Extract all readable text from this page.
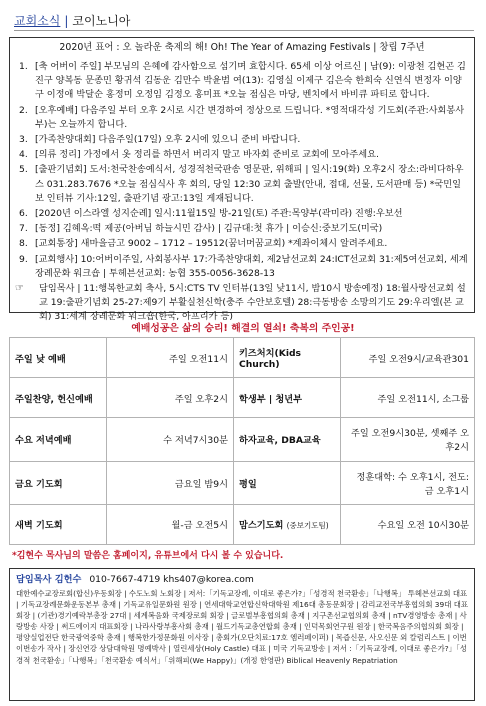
교회소식 | 코이노니아
2020년 표어 : 오 놀라운 축제의 해! Oh! The Year of Amazing Festivals | 창립 7주년
1. [축 어버이 주일] 부모님의 은혜에 감사함으로 섬기며 효합시다. 65세 이상 어르신 | 남(9): 이광천 김현곤 김진구 양복동 문종민 황귀석 김동운 김만수 박윤범 여(13): 김영실 이제구 김은숙 한희숙 신연식 변정자 이양구 이정애 박달순 홍정미 오정임 김정오 홍미표 *오늘 점심은 마당, 벤치에서 바비큐 파티로 합니다.
2. [오후예배] 다음주일 부터 오후 2시로 시간 변경하여 정상으로 드립니다. *영적대각성 기도회(주관:사회봉사부)는 오늘까지 합니다.
3. [가족찬양대회] 다음주일(17일) 오후 2시에 있으니 준비 바랍니다.
4. [의류 정리] 가정에서 옷 정리를 하면서 버리지 말고 바자회 준비로 교회에 모아주세요.
5. [출판기념회] 도서:천국찬송예식서, 성경적천국판송 영문판, 위해피 | 일시:19(화) 오후2시 장소:라비다하우스 031.283.7676 *오늘 점심식사 후 회의, 당일 12:30 교회 출발(안내, 접대, 선물, 도서판매 등) *국민일보 인터뷰 기사:12일, 출판기념 광고:13일 게재됩니다.
6. [2020년 이스라엘 성지순례] 일시:11월15일 방-21일(토) 주관:목양부(곽미라) 진행:우보선
7. [동정] 김혜옥:떡 제공(아버님 하늘시민 감사) | 김규대:첫 휴가 | 이승신:중보기도(미국)
8. [교회통장] 새마을금고 9002 – 1712 – 19512(꿈너머꿈교회) *계좌이체시 알려주세요.
9. [교회행사] 10:어버이주일, 사회봉사부 17:가족찬양대회, 제2남선교회 24:ICT선교회 31:제5여선교회, 세계장례문화 워크숍 | 투헤븐선교회: 농협 355-0056-3628-13
☞ 담임목사 | 11:행복한교회 축사, 5시:CTS TV 인터뷰(13일 낮11시, 밤10시 방송예정) 18:월사랑선교회 설교 19:출판기념회 25-27:제9기 부활실천신학(충주 수안보호텔) 28:극동방송 소망의기도 29:우리엘(본 교회) 31:세계 장례문화 워크숍(한국, 아프리카 등)
예배성공은 삶의 승리! 해결의 열쇠! 축복의 주인공!
주일 낮 예배	주일 오전11시	키즈처치(Kids Church)	주일 오전9시/교육관301
주일찬양, 헌신예배	주일 오후2시	학생부 | 청년부	주일 오전11시, 소그룹
수요 저녁예배	수 저녁7시30분	하자교육, DBA교육	주일 오전9시30분, 셋째주 오후2시
금요 기도회	금요일 밤9시	평일	정훈대학: 수 오후1시, 전도: 금 오후1시
새벽 기도회	월-금 오전5시	맘스기도회 (중보기도팀)	수요일 오전 10시30분
*김현수 목사님의 말씀은 홈페이지, 유튜브에서 다시 볼 수 있습니다.
담임목사 김헌수 010-7667-4719 khs407@korea.com
대한예수교장로회(합신)우동회장 | 수도노회 노회장 | 저서:「기독교장례, 이대로 좋은가?」「성경적 천국환송」「나행복」 투헤븐선교회 대표 | 기독교장례문화운동본부 총재 | 기독교유일문화원 원장 | 연세대학교연합신학대학원 제16대 총동문회장 | 감리교전국부흥협의회 39대 대표회장 | (기관)경기예락부총장 27대 | 세계복음화 국제장로회 회장 | 글로벌부흥협의회 총재 | 지구촌선교협의회 총재 | nTV경영방송 총재 | 사랑방송 사장 | 써드에이지 대표회장 | 나라사랑부흥사회 총재 | 월드기독교총연합회 총재 | 인덕목회연구원 원장 | 한국복음주의협의회 회장 | 평양실업전단 한국광역중학 총재 | 행복한가정문화원 이사장 | 총회가(오단치료:17호 엠러페이퍼) | 목즙신문, 사오신문 외 칼럼리스트 | 이번이번송가 작사 | 장신연강 상담대학원 명예박사 | 열린세상(Holy Castle) 대표 | 미국 기독교방송 | 저서 :「기독교장례, 이대로 좋은가?」「성경적 천국환송」「나행복」「천국환송 예식서」「위해피(We Happy)」(개정 한영판) Biblical Heavenly Repatriation
